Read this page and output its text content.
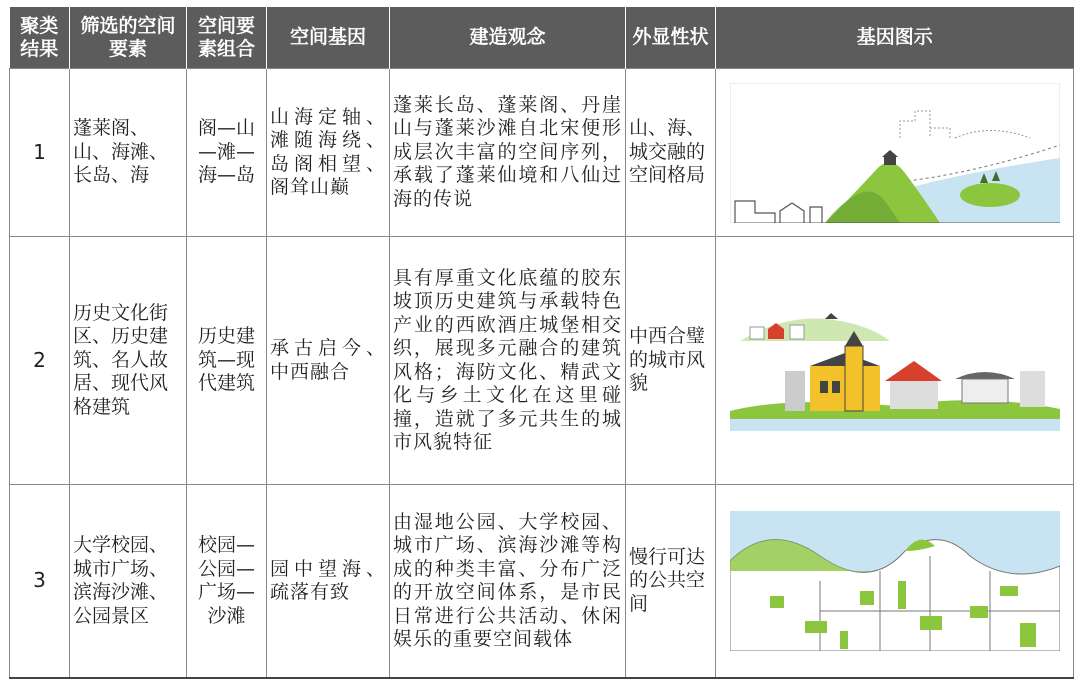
聚类结果	筛选的空间要素	空间要素组合	空间基因	建造观念	外显性状	基因图示
1	蓬莱阁、山、海滩、长岛、海	阁—山—滩—海—岛	山海定轴、滩随海绕、岛阁相望、阁耸山巅	蓬莱长岛、蓬莱阁、丹崖山与蓬莱沙滩自北宋便形成层次丰富的空间序列，承载了蓬莱仙境和八仙过海的传说	山、海、城交融的空间格局	

2	历史文化街区、历史建筑、名人故居、现代风格建筑	历史建筑—现代建筑	承古启今、中西融合	具有厚重文化底蕴的胶东坡顶历史建筑与承载特色产业的西欧酒庄城堡相交织，展现多元融合的建筑风格；海防文化、精武文化与乡土文化在这里碰撞，造就了多元共生的城市风貌特征	中西合璧的城市风貌	

3	大学校园、城市广场、滨海沙滩、公园景区	校园—公园—广场—沙滩	园中望海、疏落有致	由湿地公园、大学校园、城市广场、滨海沙滩等构成的种类丰富、分布广泛的开放空间体系，是市民日常进行公共活动、休闲娱乐的重要空间载体	慢行可达的公共空间	
